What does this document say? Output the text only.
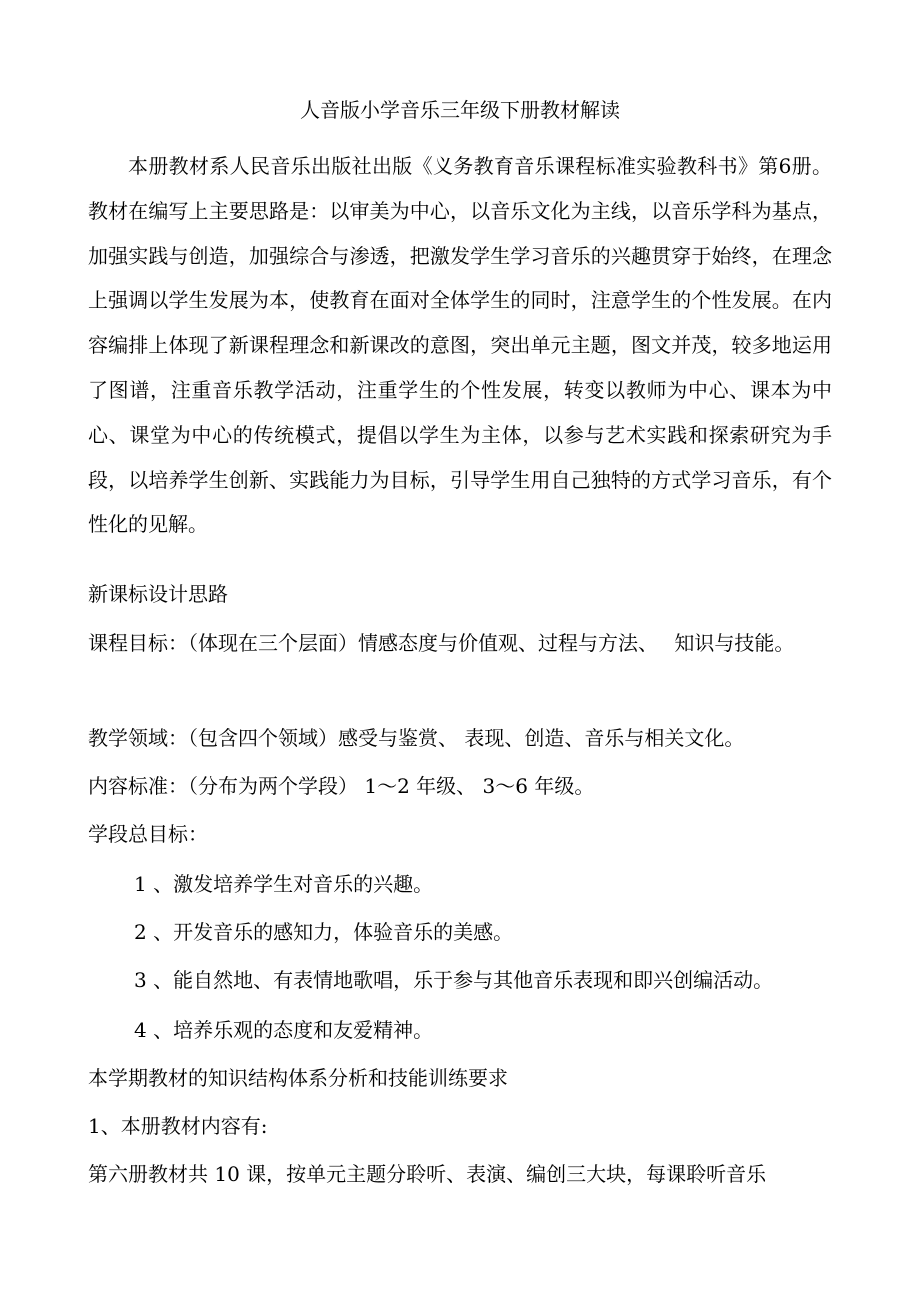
人音版小学音乐三年级下册教材解读
本册教材系人民音乐出版社出版《义务教育音乐课程标准实验教科书》第6册。教材在编写上主要思路是：以审美为中心，以音乐文化为主线，以音乐学科为基点，加强实践与创造，加强综合与渗透，把激发学生学习音乐的兴趣贯穿于始终，在理念上强调以学生发展为本，使教育在面对全体学生的同时，注意学生的个性发展。在内容编排上体现了新课程理念和新课改的意图，突出单元主题，图文并茂，较多地运用了图谱，注重音乐教学活动，注重学生的个性发展，转变以教师为中心、课本为中心、课堂为中心的传统模式，提倡以学生为主体，以参与艺术实践和探索研究为手段，以培养学生创新、实践能力为目标，引导学生用自己独特的方式学习音乐，有个性化的见解。
新课标设计思路
课程目标：（体现在三个层面）情感态度与价值观、过程与方法、　 知识与技能。
教学领域：（包含四个领域）感受与鉴赏、 表现、创造、音乐与相关文化。
内容标准：（分布为两个学段） 1～2 年级、 3～6 年级。
学段总目标：
1 、激发培养学生对音乐的兴趣。
2 、开发音乐的感知力，体验音乐的美感。
3 、能自然地、有表情地歌唱，乐于参与其他音乐表现和即兴创编活动。
4 、培养乐观的态度和友爱精神。
本学期教材的知识结构体系分析和技能训练要求
1、本册教材内容有:
第六册教材共 10 课，按单元主题分聆听、表演、编创三大块，每课聆听音乐
